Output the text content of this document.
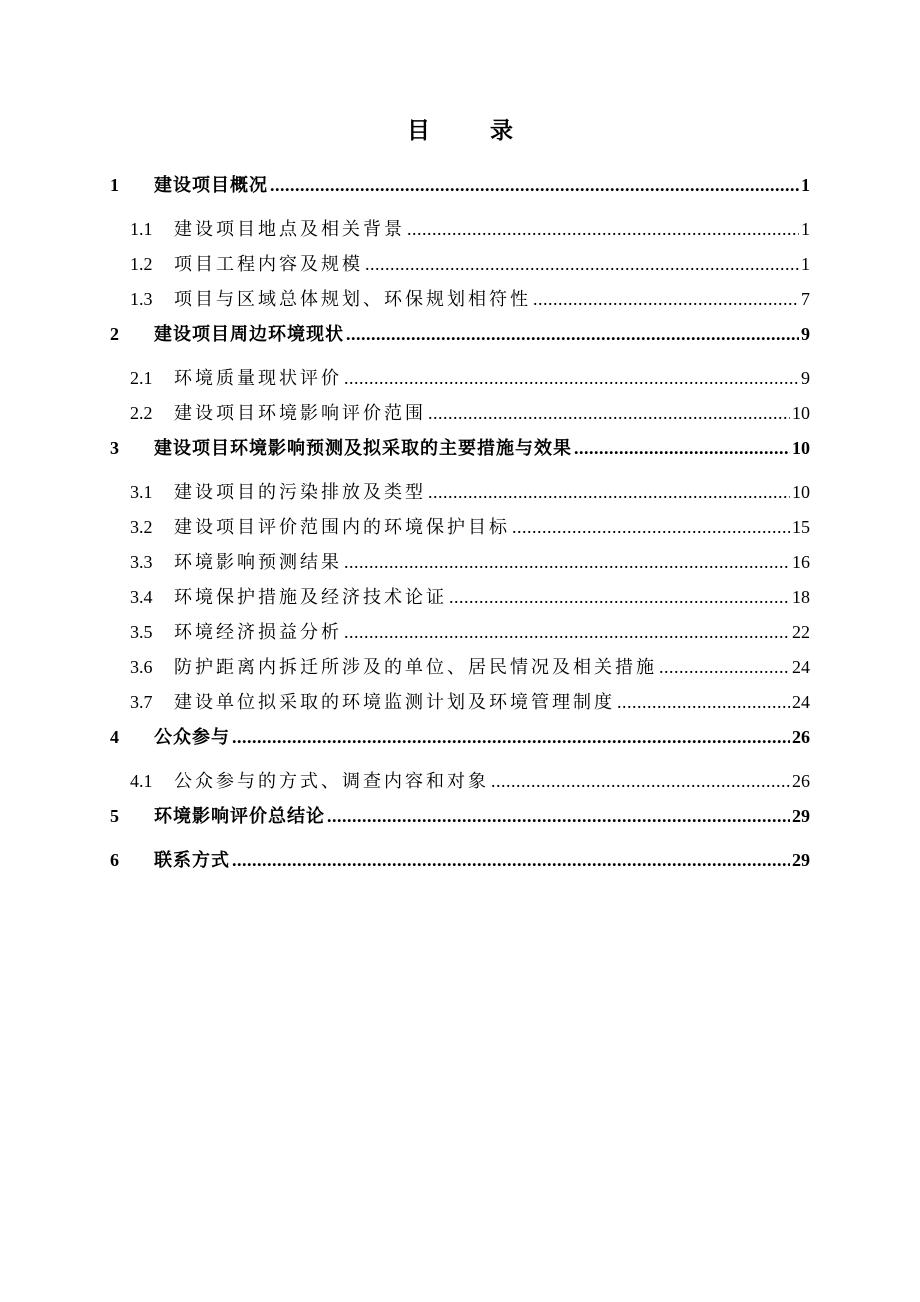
目 录
1	建设项目概况 .....	1
1.1	建设项目地点及相关背景 .....	1
1.2	项目工程内容及规模 .....	1
1.3	项目与区域总体规划、环保规划相符性 .....	7
2	建设项目周边环境现状 .....	9
2.1	环境质量现状评价 .....	9
2.2	建设项目环境影响评价范围 .....	10
3	建设项目环境影响预测及拟采取的主要措施与效果 .....	10
3.1	建设项目的污染排放及类型 .....	10
3.2	建设项目评价范围内的环境保护目标 .....	15
3.3	环境影响预测结果 .....	16
3.4	环境保护措施及经济技术论证 .....	18
3.5	环境经济损益分析 .....	22
3.6	防护距离内拆迁所涉及的单位、居民情况及相关措施 .....	24
3.7	建设单位拟采取的环境监测计划及环境管理制度 .....	24
4	公众参与 .....	26
4.1	公众参与的方式、调查内容和对象 .....	26
5	环境影响评价总结论 .....	29
6	联系方式 .....	29
